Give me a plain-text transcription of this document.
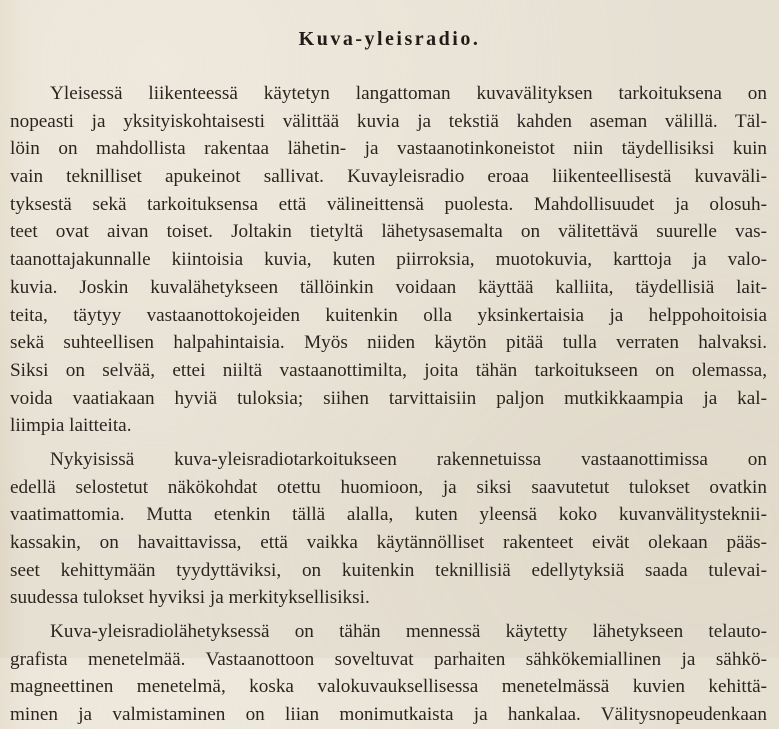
Kuva-yleisradio.
Yleisessä liikenteessä käytetyn langattoman kuvavälityksen tarkoituksena on
nopeasti ja yksityiskohtaisesti välittää kuvia ja tekstiä kahden aseman välillä. Täl-
löin on mahdollista rakentaa lähetin- ja vastaanotinkoneistot niin täydellisiksi kuin
vain teknilliset apukeinot sallivat. Kuvayleisradio eroaa liikenteellisestä kuvaväli-
tyksestä sekä tarkoituksensa että välineittensä puolesta. Mahdollisuudet ja olosuh-
teet ovat aivan toiset. Joltakin tietyltä lähetysasemalta on välitettävä suurelle vas-
taanottajakunnalle kiintoisia kuvia, kuten piirroksia, muotokuvia, karttoja ja valo-
kuvia. Joskin kuvalähetykseen tällöinkin voidaan käyttää kalliita, täydellisiä lait-
teita, täytyy vastaanottokojeiden kuitenkin olla yksinkertaisia ja helppohoitoisia
sekä suhteellisen halpahintaisia. Myös niiden käytön pitää tulla verraten halvaksi.
Siksi on selvää, ettei niiltä vastaanottimilta, joita tähän tarkoitukseen on olemassa,
voida vaatiakaan hyviä tuloksia; siihen tarvittaisiin paljon mutkikkaampia ja kal-
liimpia laitteita.
Nykyisissä kuva-yleisradiotarkoitukseen rakennetuissa vastaanottimissa on
edellä selostetut näkökohdat otettu huomioon, ja siksi saavutetut tulokset ovatkin
vaatimattomia. Mutta etenkin tällä alalla, kuten yleensä koko kuvanvälitysteknii-
kassakin, on havaittavissa, että vaikka käytännölliset rakenteet eivät olekaan pääs-
seet kehittymään tyydyttäviksi, on kuitenkin teknillisiä edellytyksiä saada tulevai-
suudessa tulokset hyviksi ja merkityksellisiksi.
Kuva-yleisradiolähetyksessä on tähän mennessä käytetty lähetykseen telauto-
grafista menetelmää. Vastaanottoon soveltuvat parhaiten sähkökemiallinen ja sähkö-
magneettinen menetelmä, koska valokuvauksellisessa menetelmässä kuvien kehittä-
minen ja valmistaminen on liian monimutkaista ja hankalaa. Välitysnopeudenkaan
